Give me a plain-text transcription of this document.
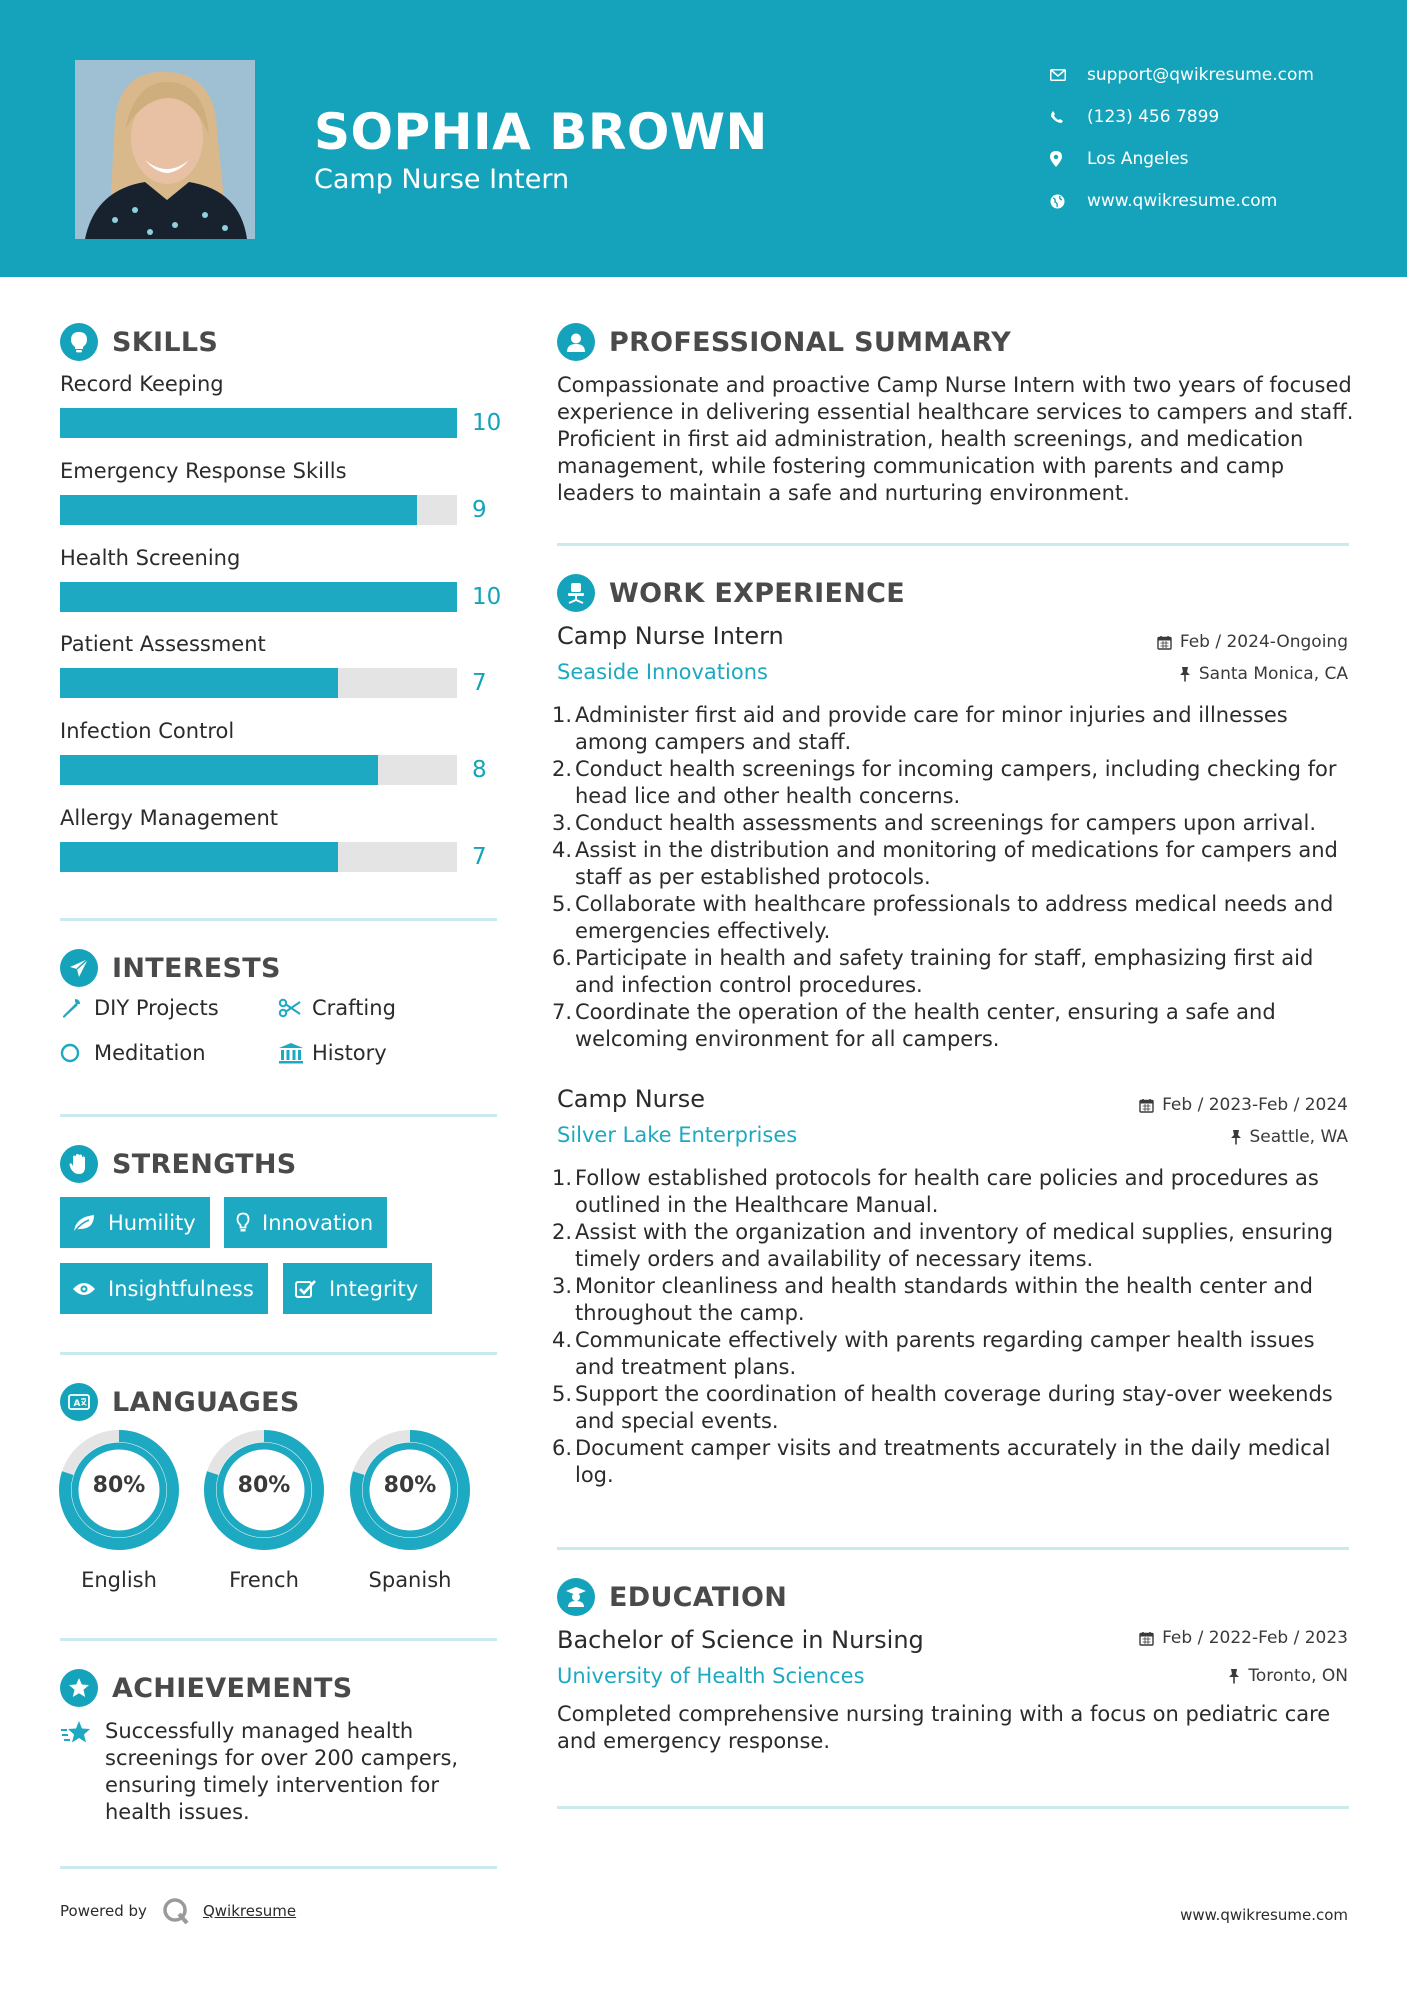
SOPHIA BROWN
Camp Nurse Intern
support@qwikresume.com
(123) 456 7899
Los Angeles
www.qwikresume.com
SKILLS
Record Keeping
10
Emergency Response Skills
9
Health Screening
10
Patient Assessment
7
Infection Control
8
Allergy Management
7
INTERESTS
DIY Projects	Crafting
Meditation	History
STRENGTHS
Humility	Innovation
Insightfulness	Integrity
A LANGUAGES
80%
English
80%
French
80%
Spanish
ACHIEVEMENTS
Successfully managed health screenings for over 200 campers, ensuring timely intervention for health issues.
PROFESSIONAL SUMMARY
Compassionate and proactive Camp Nurse Intern with two years of focused experience in delivering essential healthcare services to campers and staff. Proficient in first aid administration, health screenings, and medication management, while fostering communication with parents and camp leaders to maintain a safe and nurturing environment.
WORK EXPERIENCE
Camp Nurse Intern	Feb / 2024-Ongoing
Seaside Innovations	Santa Monica, CA
1. Administer first aid and provide care for minor injuries and illnesses among campers and staff.
2. Conduct health screenings for incoming campers, including checking for head lice and other health concerns.
3. Conduct health assessments and screenings for campers upon arrival.
4. Assist in the distribution and monitoring of medications for campers and staff as per established protocols.
5. Collaborate with healthcare professionals to address medical needs and emergencies effectively.
6. Participate in health and safety training for staff, emphasizing first aid and infection control procedures.
7. Coordinate the operation of the health center, ensuring a safe and welcoming environment for all campers.
Camp Nurse	Feb / 2023-Feb / 2024
Silver Lake Enterprises	Seattle, WA
1. Follow established protocols for health care policies and procedures as outlined in the Healthcare Manual.
2. Assist with the organization and inventory of medical supplies, ensuring timely orders and availability of necessary items.
3. Monitor cleanliness and health standards within the health center and throughout the camp.
4. Communicate effectively with parents regarding camper health issues and treatment plans.
5. Support the coordination of health coverage during stay-over weekends and special events.
6. Document camper visits and treatments accurately in the daily medical log.
EDUCATION
Bachelor of Science in Nursing	Feb / 2022-Feb / 2023
University of Health Sciences	Toronto, ON
Completed comprehensive nursing training with a focus on pediatric care and emergency response.
Powered by	Qwikresume	www.qwikresume.com
